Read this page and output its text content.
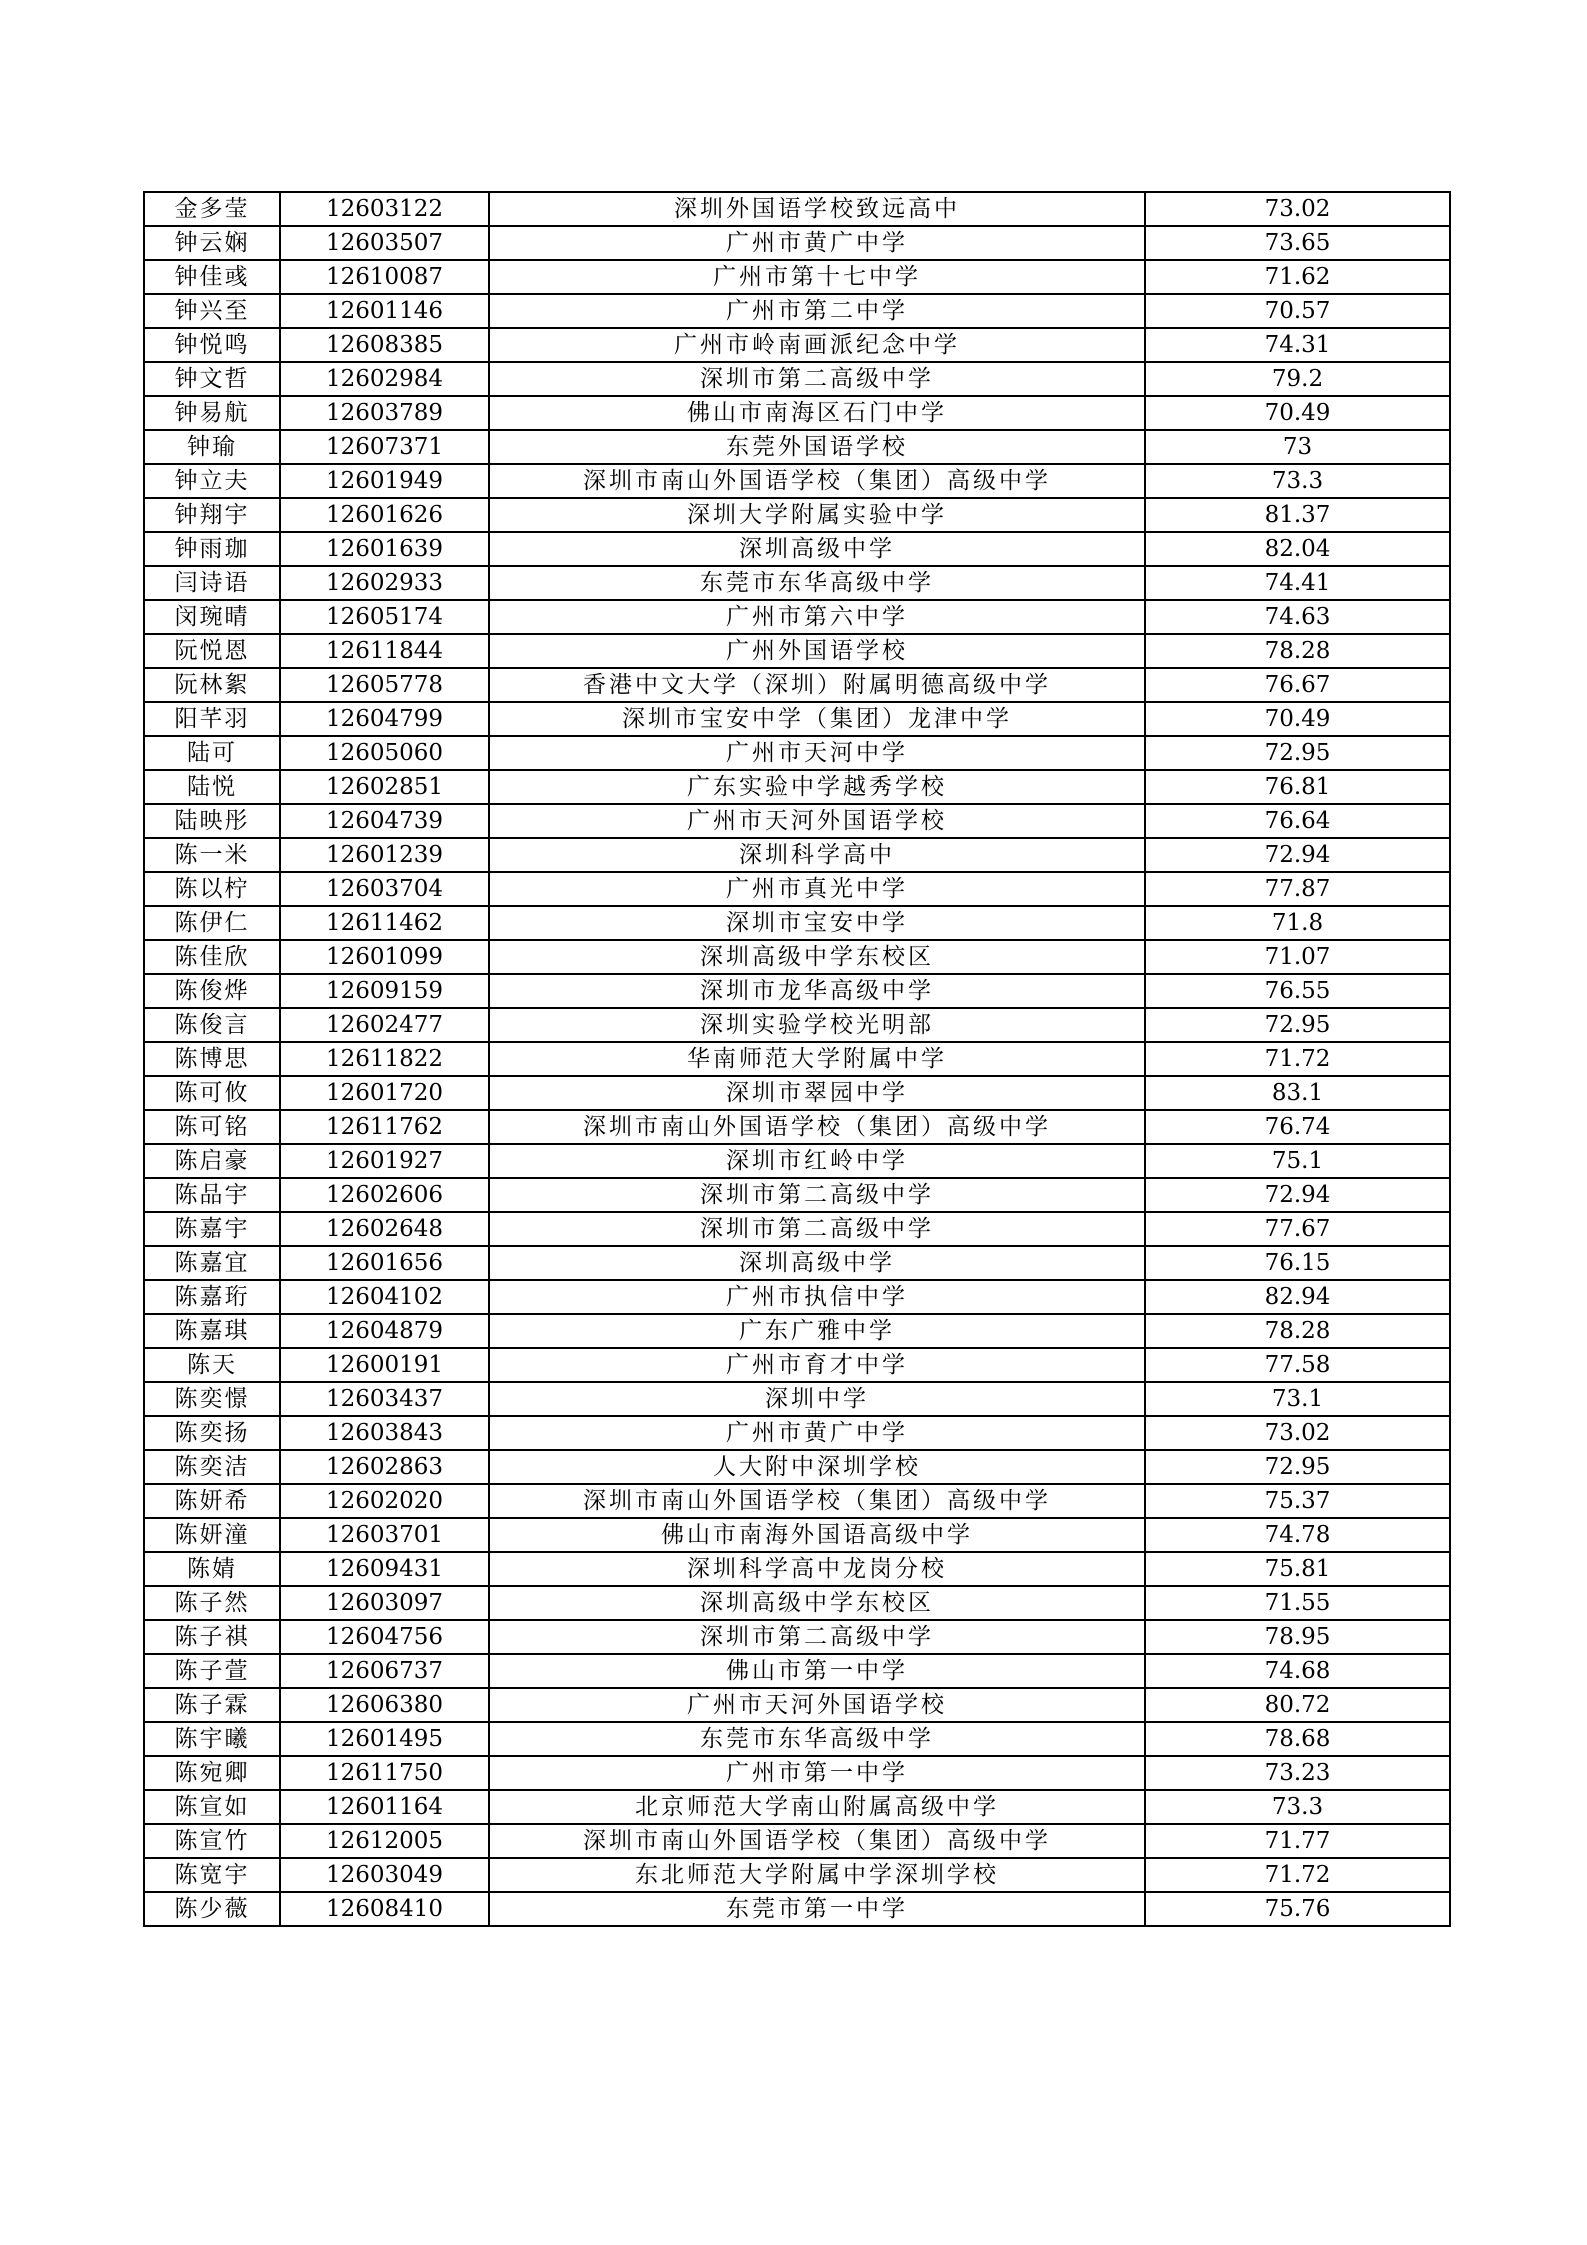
金多莹	12603122	深圳外国语学校致远高中	73.02
钟云娴	12603507	广州市黄广中学	73.65
钟佳彧	12610087	广州市第十七中学	71.62
钟兴至	12601146	广州市第二中学	70.57
钟悦鸣	12608385	广州市岭南画派纪念中学	74.31
钟文哲	12602984	深圳市第二高级中学	79.2
钟易航	12603789	佛山市南海区石门中学	70.49
钟瑜	12607371	东莞外国语学校	73
钟立夫	12601949	深圳市南山外国语学校（集团）高级中学	73.3
钟翔宇	12601626	深圳大学附属实验中学	81.37
钟雨珈	12601639	深圳高级中学	82.04
闫诗语	12602933	东莞市东华高级中学	74.41
闵琬晴	12605174	广州市第六中学	74.63
阮悦恩	12611844	广州外国语学校	78.28
阮林絮	12605778	香港中文大学（深圳）附属明德高级中学	76.67
阳芊羽	12604799	深圳市宝安中学（集团）龙津中学	70.49
陆可	12605060	广州市天河中学	72.95
陆悦	12602851	广东实验中学越秀学校	76.81
陆映彤	12604739	广州市天河外国语学校	76.64
陈一米	12601239	深圳科学高中	72.94
陈以柠	12603704	广州市真光中学	77.87
陈伊仁	12611462	深圳市宝安中学	71.8
陈佳欣	12601099	深圳高级中学东校区	71.07
陈俊烨	12609159	深圳市龙华高级中学	76.55
陈俊言	12602477	深圳实验学校光明部	72.95
陈博思	12611822	华南师范大学附属中学	71.72
陈可攸	12601720	深圳市翠园中学	83.1
陈可铭	12611762	深圳市南山外国语学校（集团）高级中学	76.74
陈启豪	12601927	深圳市红岭中学	75.1
陈品宇	12602606	深圳市第二高级中学	72.94
陈嘉宇	12602648	深圳市第二高级中学	77.67
陈嘉宜	12601656	深圳高级中学	76.15
陈嘉珩	12604102	广州市执信中学	82.94
陈嘉琪	12604879	广东广雅中学	78.28
陈天	12600191	广州市育才中学	77.58
陈奕憬	12603437	深圳中学	73.1
陈奕扬	12603843	广州市黄广中学	73.02
陈奕洁	12602863	人大附中深圳学校	72.95
陈妍希	12602020	深圳市南山外国语学校（集团）高级中学	75.37
陈妍潼	12603701	佛山市南海外国语高级中学	74.78
陈婧	12609431	深圳科学高中龙岗分校	75.81
陈子然	12603097	深圳高级中学东校区	71.55
陈子祺	12604756	深圳市第二高级中学	78.95
陈子萱	12606737	佛山市第一中学	74.68
陈子霖	12606380	广州市天河外国语学校	80.72
陈宇曦	12601495	东莞市东华高级中学	78.68
陈宛卿	12611750	广州市第一中学	73.23
陈宣如	12601164	北京师范大学南山附属高级中学	73.3
陈宣竹	12612005	深圳市南山外国语学校（集团）高级中学	71.77
陈宽宇	12603049	东北师范大学附属中学深圳学校	71.72
陈少薇	12608410	东莞市第一中学	75.76
